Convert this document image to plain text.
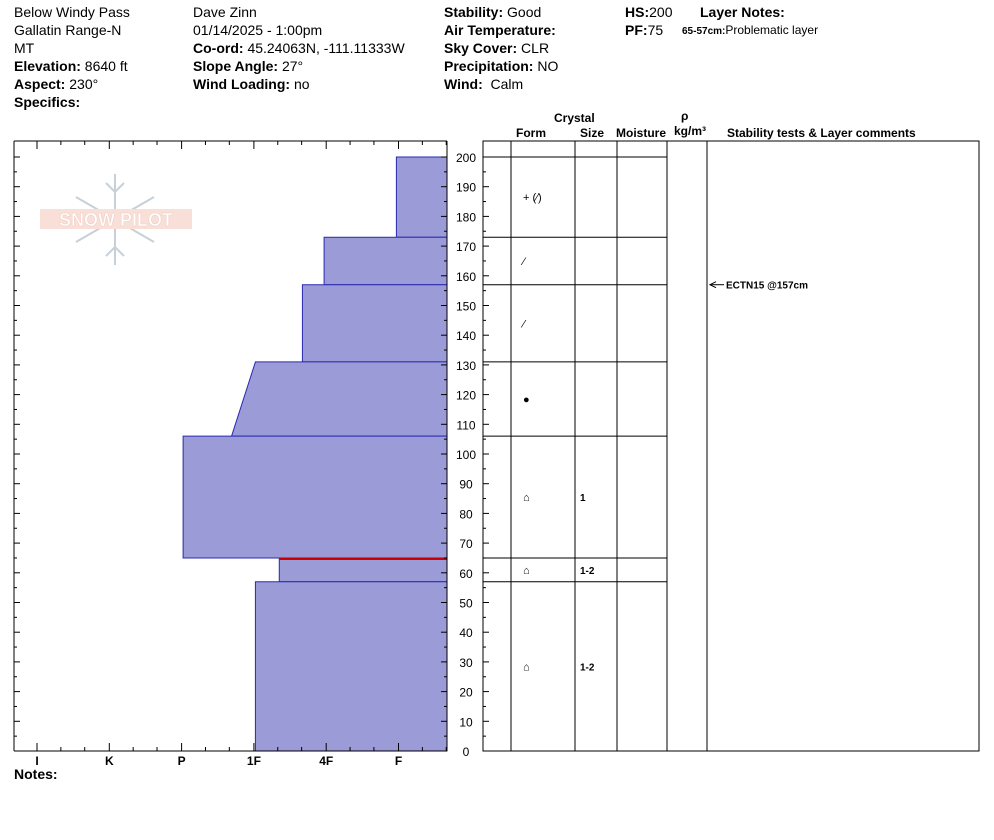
Below Windy Pass
Gallatin Range-N
MT
Elevation: 8640 ft
Aspect: 230°
Specifics:
Dave Zinn
01/14/2025 - 1:00pm
Co-ord: 45.24063N, -111.11333W
Slope Angle: 27°
Wind Loading: no
Stability: Good
Air Temperature:
Sky Cover: CLR
Precipitation: NO
Wind: Calm
HS:200
PF:75
Layer Notes:
65-57cm:Problematic layer
Crystal
Form	Size Moisture
ρ
kg/m³ Stability tests & Layer comments
Notes:
SNOW PILOT
0
10
20
30
40
50
60
70
80
90
100
110
120
130
140
150
160
170
180
190
200
I	K	P	1F	4F	F
+ (⁄)
⁄
⁄
●
⌂	1
⌂	1-2
⌂	1-2
ECTN15 @157cm
